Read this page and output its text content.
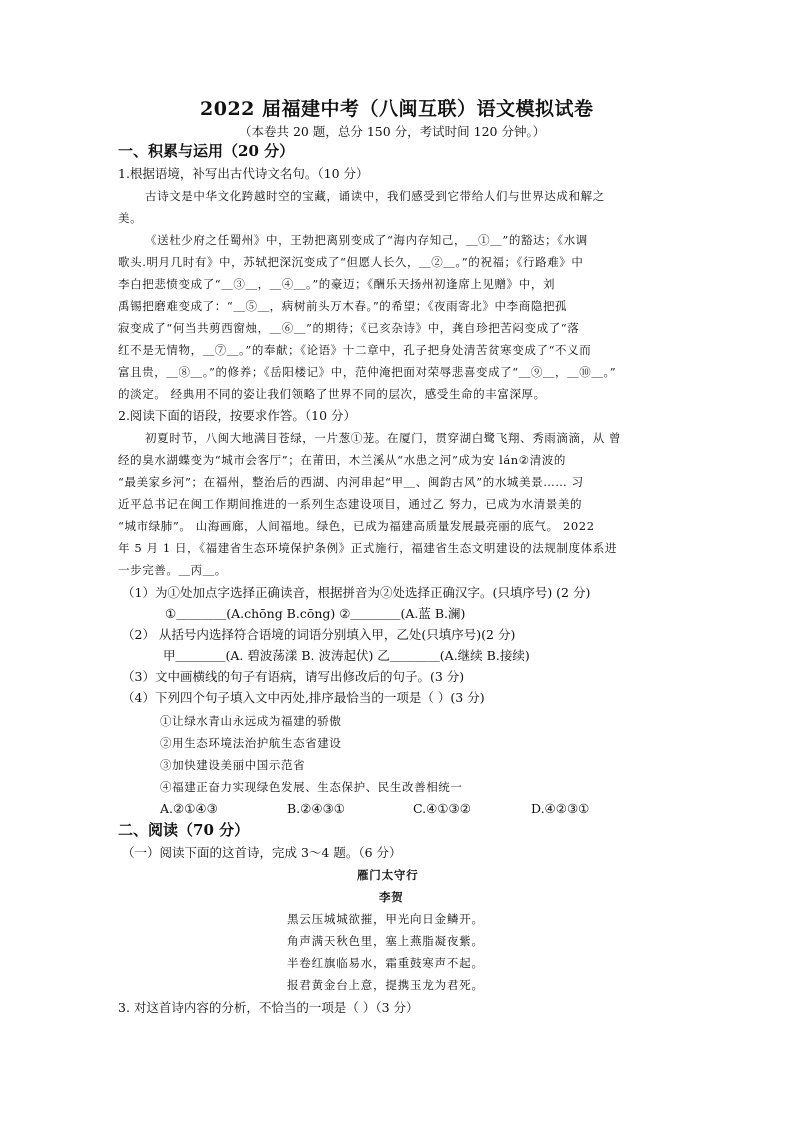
2022 届福建中考（八闽互联）语文模拟试卷
（本卷共 20 题，总分 150 分，考试时间 120 分钟。）
一、积累与运用（20 分）
1.根据语境，补写出古代诗文名句。（10 分）
古诗文是中华文化跨越时空的宝藏，诵读中，我们感受到它带给人们与世界达成和解之
美。
《送杜少府之任蜀州》中，王勃把离别变成了“海内存知己，＿①＿”的豁达；《水调
歌头.明月几时有》中，苏轼把深沉变成了“但愿人长久，＿②＿。”的祝福；《行路难》中
李白把悲愤变成了“＿③＿，＿④＿。”的豪迈；《酬乐天扬州初逢席上见赠》中，刘
禹锡把磨难变成了：“＿⑤＿，病树前头万木春。”的希望；《夜雨寄北》中李商隐把孤
寂变成了“何当共剪西窗烛，＿⑥＿”的期待；《已亥杂诗》中，龚自珍把苦闷变成了“落
红不是无情物，＿⑦＿。”的奉献；《论语》十二章中，孔子把身处清苦贫寒变成了“不义而
富且贵，＿⑧＿。”的修养；《岳阳楼记》中，范仲淹把面对荣辱悲喜变成了“＿⑨＿，＿⑩＿。”
的淡定。 经典用不同的姿让我们领略了世界不同的层次，感受生命的丰富深厚。
2.阅读下面的语段，按要求作答。（10 分）
初夏时节，八闽大地满目苍绿，一片葱①茏。在厦门，贯穿湖白鹭飞翔、秀雨滴滴，从 曾
经的臭水湖蝶变为“城市会客厅”；在莆田，木兰溪从“水患之河”成为安 lán②清波的
“最美家乡河”；在福州，整治后的西湖、内河串起“甲＿、闽韵古风”的水城美景…… 习
近平总书记在闽工作期间推进的一系列生态建设项目，通过乙 努力，已成为水清景美的
“城市绿肺”。 山海画廊，人间福地。绿色，已成为福建高质量发展最亮丽的底气。 2022
年 5 月 1 日，《福建省生态环境保护条例》正式施行，福建省生态文明建设的法规制度体系进
一步完善。＿丙＿。
（1）为①处加点字选择正确读音，根据拼音为②处选择正确汉字。(只填序号) (2 分)
①＿＿＿＿(A.chōng B.cōng) ②＿＿＿＿(A.蓝 B.澜)
（2） 从括号内选择符合语境的词语分别填入甲，乙处(只填序号)(2 分)
甲＿＿＿＿(A. 碧波荡漾 B. 波涛起伏) 乙＿＿＿＿(A.继续 B.接续)
（3）文中画横线的句子有语病，请写出修改后的句子。(3 分)
（4）下列四个句子填入文中丙处,排序最恰当的一项是（ ）(3 分)
①让绿水青山永远成为福建的骄傲
②用生态环境法治护航生态省建设
③加快建设美丽中国示范省
④福建正奋力实现绿色发展、生态保护、民生改善相统一
A.②①④③	B.②④③①	C.④①③②	D.④②③①
二、阅读（70 分）
（一）阅读下面的这首诗，完成 3～4 题。（6 分）
雁门太守行
李贺
黑云压城城欲摧，甲光向日金鳞开。
角声满天秋色里，塞上燕脂凝夜紫。
半卷红旗临易水，霜重鼓寒声不起。
报君黄金台上意，提携玉龙为君死。
3. 对这首诗内容的分析，不恰当的一项是（ ）（3 分）
